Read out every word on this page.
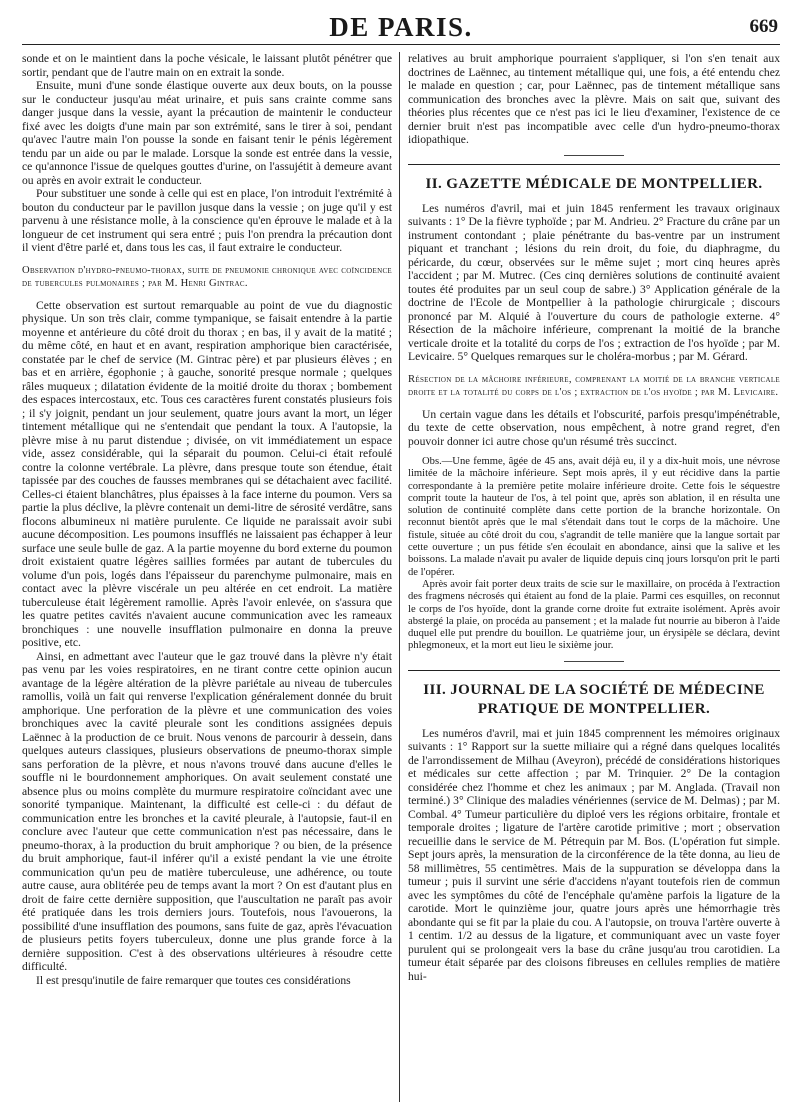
DE PARIS.	669

sonde et on le maintient dans la poche vésicale, le laissant plutôt pénétrer que sortir, pendant que de l'autre main on en extrait la sonde.

Ensuite, muni d'une sonde élastique ouverte aux deux bouts, on la pousse sur le conducteur jusqu'au méat urinaire, et puis sans crainte comme sans danger jusque dans la vessie, ayant la précaution de maintenir le conducteur fixé avec les doigts d'une main par son extrémité, sans le tirer à soi, pendant qu'avec l'autre main l'on pousse la sonde en faisant tenir le pénis légèrement tendu par un aide ou par le malade. Lorsque la sonde est entrée dans la vessie, ce qu'annonce l'issue de quelques gouttes d'urine, on l'assujétit à demeure avant ou après en avoir extrait le conducteur.

Pour substituer une sonde à celle qui est en place, l'on introduit l'extrémité à bouton du conducteur par le pavillon jusque dans la vessie ; on juge qu'il y est parvenu à une résistance molle, à la conscience qu'en éprouve le malade et à la longueur de cet instrument qui sera entré ; puis l'on prendra la précaution dont il vient d'être parlé et, dans tous les cas, il faut extraire le conducteur.

Observation d'hydro-pneumo-thorax, suite de pneumonie chronique avec coïncidence de tubercules pulmonaires ; par M. Henri Gintrac.

Cette observation est surtout remarquable au point de vue du diagnostic physique. Un son très clair, comme tympanique, se faisait entendre à la partie moyenne et antérieure du côté droit du thorax ; en bas, il y avait de la matité ; du même côté, en haut et en avant, respiration amphorique bien caractérisée, constatée par le chef de service (M. Gintrac père) et par plusieurs élèves ; en bas et en arrière, égophonie ; à gauche, sonorité presque normale ; quelques râles muqueux ; dilatation évidente de la moitié droite du thorax ; bombement des espaces intercostaux, etc. Tous ces caractères furent constatés plusieurs fois ; il s'y joignit, pendant un jour seulement, quatre jours avant la mort, un léger tintement métallique qui ne s'entendait que pendant la toux. A l'autopsie, la plèvre mise à nu parut distendue ; divisée, on vit immédiatement un espace vide, assez considérable, qui la séparait du poumon. Celui-ci était refoulé contre la colonne vertébrale. La plèvre, dans presque toute son étendue, était tapissée par des couches de fausses membranes qui se détachaient avec facilité. Celles-ci étaient blanchâtres, plus épaisses à la face interne du poumon. Vers sa partie la plus déclive, la plèvre contenait un demi-litre de sérosité verdâtre, sans flocons albumineux ni matière purulente. Ce liquide ne paraissait avoir subi aucune décomposition. Les poumons insufflés ne laissaient pas échapper à leur surface une seule bulle de gaz. A la partie moyenne du bord externe du poumon droit existaient quatre légères saillies formées par autant de tubercules du volume d'un pois, logés dans l'épaisseur du parenchyme pulmonaire, mais en contact avec la plèvre viscérale un peu altérée en cet endroit. La matière tuberculeuse était légèrement ramollie. Après l'avoir enlevée, on s'assura que les quatre petites cavités n'avaient aucune communication avec les rameaux bronchiques : une nouvelle insufflation pulmonaire en donna la preuve positive, etc.

Ainsi, en admettant avec l'auteur que le gaz trouvé dans la plèvre n'y était pas venu par les voies respiratoires, en ne tirant contre cette opinion aucun avantage de la légère altération de la plèvre pariétale au niveau de tubercules ramollis, voilà un fait qui renverse l'explication généralement donnée du bruit amphorique. Une perforation de la plèvre et une communication des voies bronchiques avec la cavité pleurale sont les conditions assignées depuis Laënnec à la production de ce bruit. Nous venons de parcourir à dessein, dans quelques auteurs classiques, plusieurs observations de pneumo-thorax simple sans perforation de la plèvre, et nous n'avons trouvé dans aucune d'elles le souffle ni le bourdonnement amphoriques. On avait seulement constaté une absence plus ou moins complète du murmure respiratoire coïncidant avec une sonorité tympanique. Maintenant, la difficulté est celle-ci : du défaut de communication entre les bronches et la cavité pleurale, à l'autopsie, faut-il en conclure avec l'auteur que cette communication n'est pas nécessaire, dans le pneumo-thorax, à la production du bruit amphorique ? ou bien, de la présence du bruit amphorique, faut-il inférer qu'il a existé pendant la vie une étroite communication qu'un peu de matière tuberculeuse, une adhérence, ou toute autre cause, aura oblitérée peu de temps avant la mort ? On est d'autant plus en droit de faire cette dernière supposition, que l'auscultation ne paraît pas avoir été pratiquée dans les trois derniers jours. Toutefois, nous l'avouerons, la possibilité d'une insufflation des poumons, sans fuite de gaz, après l'évacuation de plusieurs petits foyers tuberculeux, donne une plus grande force à la dernière supposition. C'est à des observations ultérieures à résoudre cette difficulté.

Il est presqu'inutile de faire remarquer que toutes ces considérations

relatives au bruit amphorique pourraient s'appliquer, si l'on s'en tenait aux doctrines de Laënnec, au tintement métallique qui, une fois, a été entendu chez le malade en question ; car, pour Laënnec, pas de tintement métallique sans communication des bronches avec la plèvre. Mais on sait que, suivant des théories plus récentes que ce n'est pas ici le lieu d'examiner, l'existence de ce dernier bruit n'est pas incompatible avec celle d'un hydro-pneumo-thorax idiopathique.

II. GAZETTE MÉDICALE DE MONTPELLIER.

Les numéros d'avril, mai et juin 1845 renferment les travaux originaux suivants : 1° De la fièvre typhoïde ; par M. Andrieu. 2° Fracture du crâne par un instrument contondant ; plaie pénétrante du bas-ventre par un instrument piquant et tranchant ; lésions du rein droit, du foie, du diaphragme, du péricarde, du cœur, observées sur le même sujet ; mort cinq heures après l'accident ; par M. Mutrec. (Ces cinq dernières solutions de continuité avaient toutes été produites par un seul coup de sabre.) 3° Application générale de la doctrine de l'Ecole de Montpellier à la pathologie chirurgicale ; discours prononcé par M. Alquié à l'ouverture du cours de pathologie externe. 4° Résection de la mâchoire inférieure, comprenant la moitié de la branche verticale droite et la totalité du corps de l'os ; extraction de l'os hyoïde ; par M. Levicaire. 5° Quelques remarques sur le choléra-morbus ; par M. Gérard.

Résection de la mâchoire inférieure, comprenant la moitié de la branche verticale droite et la totalité du corps de l'os ; extraction de l'os hyoïde ; par M. Levicaire.

Un certain vague dans les détails et l'obscurité, parfois presqu'impénétrable, du texte de cette observation, nous empêchent, à notre grand regret, d'en pouvoir donner ici autre chose qu'un résumé très succinct.

Obs.—Une femme, âgée de 45 ans, avait déjà eu, il y a dix-huit mois, une névrose limitée de la mâchoire inférieure. Sept mois après, il y eut récidive dans la partie correspondante à la première petite molaire inférieure droite. Cette fois le séquestre comprit toute la hauteur de l'os, à tel point que, après son ablation, il en résulta une solution de continuité complète dans cette portion de la branche horizontale. On reconnut bientôt après que le mal s'étendait dans tout le corps de la mâchoire. Une fistule, située au côté droit du cou, s'agrandit de telle manière que la langue sortait par cette ouverture ; un pus fétide s'en écoulait en abondance, ainsi que la salive et les boissons. La malade n'avait pu avaler de liquide depuis cinq jours lorsqu'on prit le parti de l'opérer.

Après avoir fait porter deux traits de scie sur le maxillaire, on procéda à l'extraction des fragmens nécrosés qui étaient au fond de la plaie. Parmi ces esquilles, on reconnut le corps de l'os hyoïde, dont la grande corne droite fut extraite isolément. Après avoir abstergé la plaie, on procéda au pansement ; et la malade fut nourrie au biberon à l'aide duquel elle put prendre du bouillon. Le quatrième jour, un érysipèle se déclara, devint phlegmoneux, et la mort eut lieu le sixième jour.

III. JOURNAL DE LA SOCIÉTÉ DE MÉDECINE PRATIQUE DE MONTPELLIER.

Les numéros d'avril, mai et juin 1845 comprennent les mémoires originaux suivants : 1° Rapport sur la suette miliaire qui a régné dans quelques localités de l'arrondissement de Milhau (Aveyron), précédé de considérations historiques et médicales sur cette affection ; par M. Trinquier. 2° De la contagion considérée chez l'homme et chez les animaux ; par M. Anglada. (Travail non terminé.) 3° Clinique des maladies vénériennes (service de M. Delmas) ; par M. Combal. 4° Tumeur particulière du diploé vers les régions orbitaire, frontale et temporale droites ; ligature de l'artère carotide primitive ; mort ; observation recueillie dans le service de M. Pétrequin par M. Bos. (L'opération fut simple. Sept jours après, la mensuration de la circonférence de la tête donna, au lieu de 58 millimètres, 55 centimètres. Mais de la suppuration se développa dans la tumeur ; puis il survint une série d'accidens n'ayant toutefois rien de commun avec les symptômes du côté de l'encéphale qu'amène parfois la ligature de la carotide. Mort le quinzième jour, quatre jours après une hémorrhagie très abondante qui se fit par la plaie du cou. A l'autopsie, on trouva l'artère ouverte à 1 centim. 1/2 au dessus de la ligature, et communiquant avec un vaste foyer purulent qui se prolongeait vers la base du crâne jusqu'au trou carotidien. La tumeur était séparée par des cloisons fibreuses en cellules remplies de matière hui-
